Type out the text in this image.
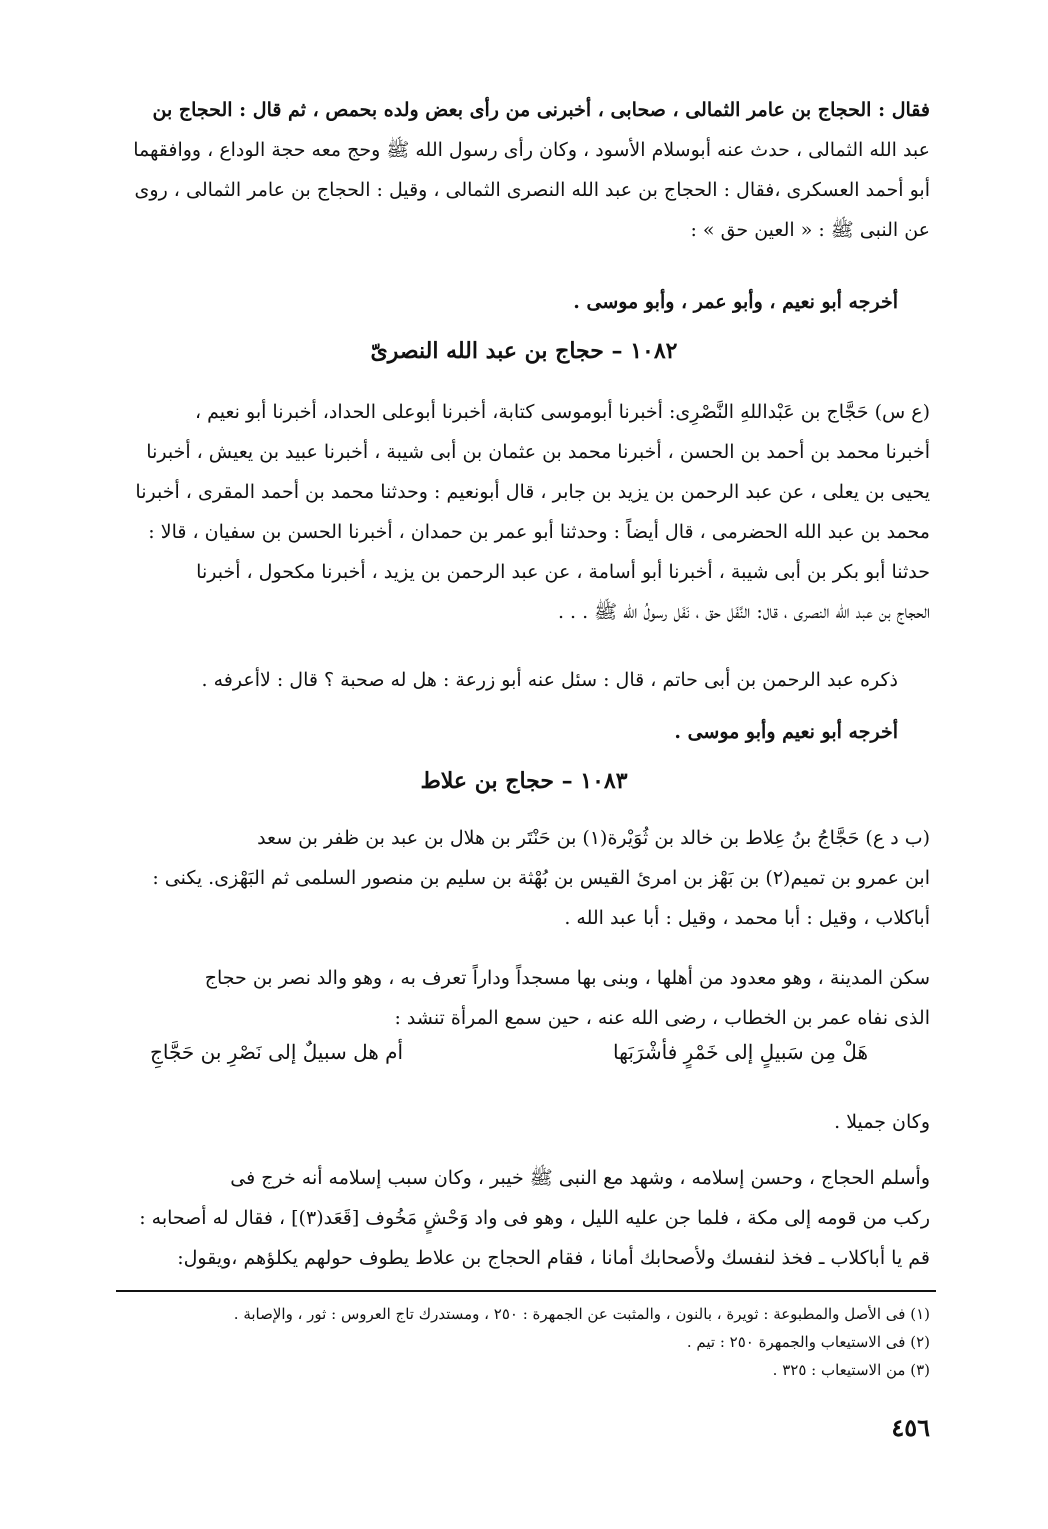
فقال : الحجاج بن عامر الثمالى ، صحابى ، أخبرنى من رأى بعض ولده بحمص ، ثم قال : الحجاج بن
عبد الله الثمالى ، حدث عنه أبوسلام الأسود ، وكان رأى رسول الله ﷺ وحج معه حجة الوداع ، ووافقهما
أبو أحمد العسكرى ،فقال : الحجاج بن عبد الله النصرى الثمالى ، وقيل : الحجاج بن عامر الثمالى ، روى
عن النبى ﷺ : « العين حق » :
أخرجه أبو نعيم ، وأبو عمر ، وأبو موسى .
١٠٨٢ – حجاج بن عبد الله النصرىّ
(ع س) حَجَّاج بن عَبْداللهِ النَّصْرِى: أخبرنا أبوموسى كتابة، أخبرنا أبوعلى الحداد، أخبرنا أبو نعيم ،
أخبرنا محمد بن أحمد بن الحسن ، أخبرنا محمد بن عثمان بن أبى شيبة ، أخبرنا عبيد بن يعيش ، أخبرنا
يحيى بن يعلى ، عن عبد الرحمن بن يزيد بن جابر ، قال أبونعيم : وحدثنا محمد بن أحمد المقرى ، أخبرنا
محمد بن عبد الله الحضرمى ، قال أيضاً : وحدثنا أبو عمر بن حمدان ، أخبرنا الحسن بن سفيان ، قالا :
حدثنا أبو بكر بن أبى شيبة ، أخبرنا أبو أسامة ، عن عبد الرحمن بن يزيد ، أخبرنا مكحول ، أخبرنا
الحجاج بن عبد الله النصرى ، قال: النَّفَل حق ، نَفَل رسولُ الله ﷺ . . .
ذكره عبد الرحمن بن أبى حاتم ، قال : سئل عنه أبو زرعة : هل له صحبة ؟ قال : لاأعرفه .
أخرجه أبو نعيم وأبو موسى .
١٠٨٣ – حجاج بن علاط
(ب د ع) حَجَّاجُ بنُ عِلاط بن خالد بن ثُوَيْرة(١) بن حَنْتَر بن هلال بن عبد بن ظفر بن سعد
ابن عمرو بن تميم(٢) بن بَهْز بن امرئ القيس بن بُهْثة بن سليم بن منصور السلمى ثم البَهْزى. يكنى :
أباكلاب ، وقيل : أبا محمد ، وقيل : أبا عبد الله .
سكن المدينة ، وهو معدود من أهلها ، وبنى بها مسجداً وداراً تعرف به ، وهو والد نصر بن حجاج
الذى نفاه عمر بن الخطاب ، رضى الله عنه ، حين سمع المرأة تنشد :
هَلْ مِن سَبيلٍ إلى خَمْرٍ فأشْرَبَها
أم هل سبيلٌ إلى نَصْرِ بن حَجَّاجِ
وكان جميلا .
وأسلم الحجاج ، وحسن إسلامه ، وشهد مع النبى ﷺ خيبر ، وكان سبب إسلامه أنه خرج فى
ركب من قومه إلى مكة ، فلما جن عليه الليل ، وهو فى واد وَحْشٍ مَخُوف [قَعَد(٣)] ، فقال له أصحابه :
قم يا أباكلاب ـ فخذ لنفسك ولأصحابك أمانا ، فقام الحجاج بن علاط يطوف حولهم يكلؤهم ،ويقول:
(١) فى الأصل والمطبوعة : ثويرة ، بالنون ، والمثبت عن الجمهرة : ٢٥٠ ، ومستدرك تاج العروس : ثور ، والإصابة .
(٢) فى الاستيعاب والجمهرة ٢٥٠ : تيم .
(٣) من الاستيعاب : ٣٢٥ .
٤٥٦
